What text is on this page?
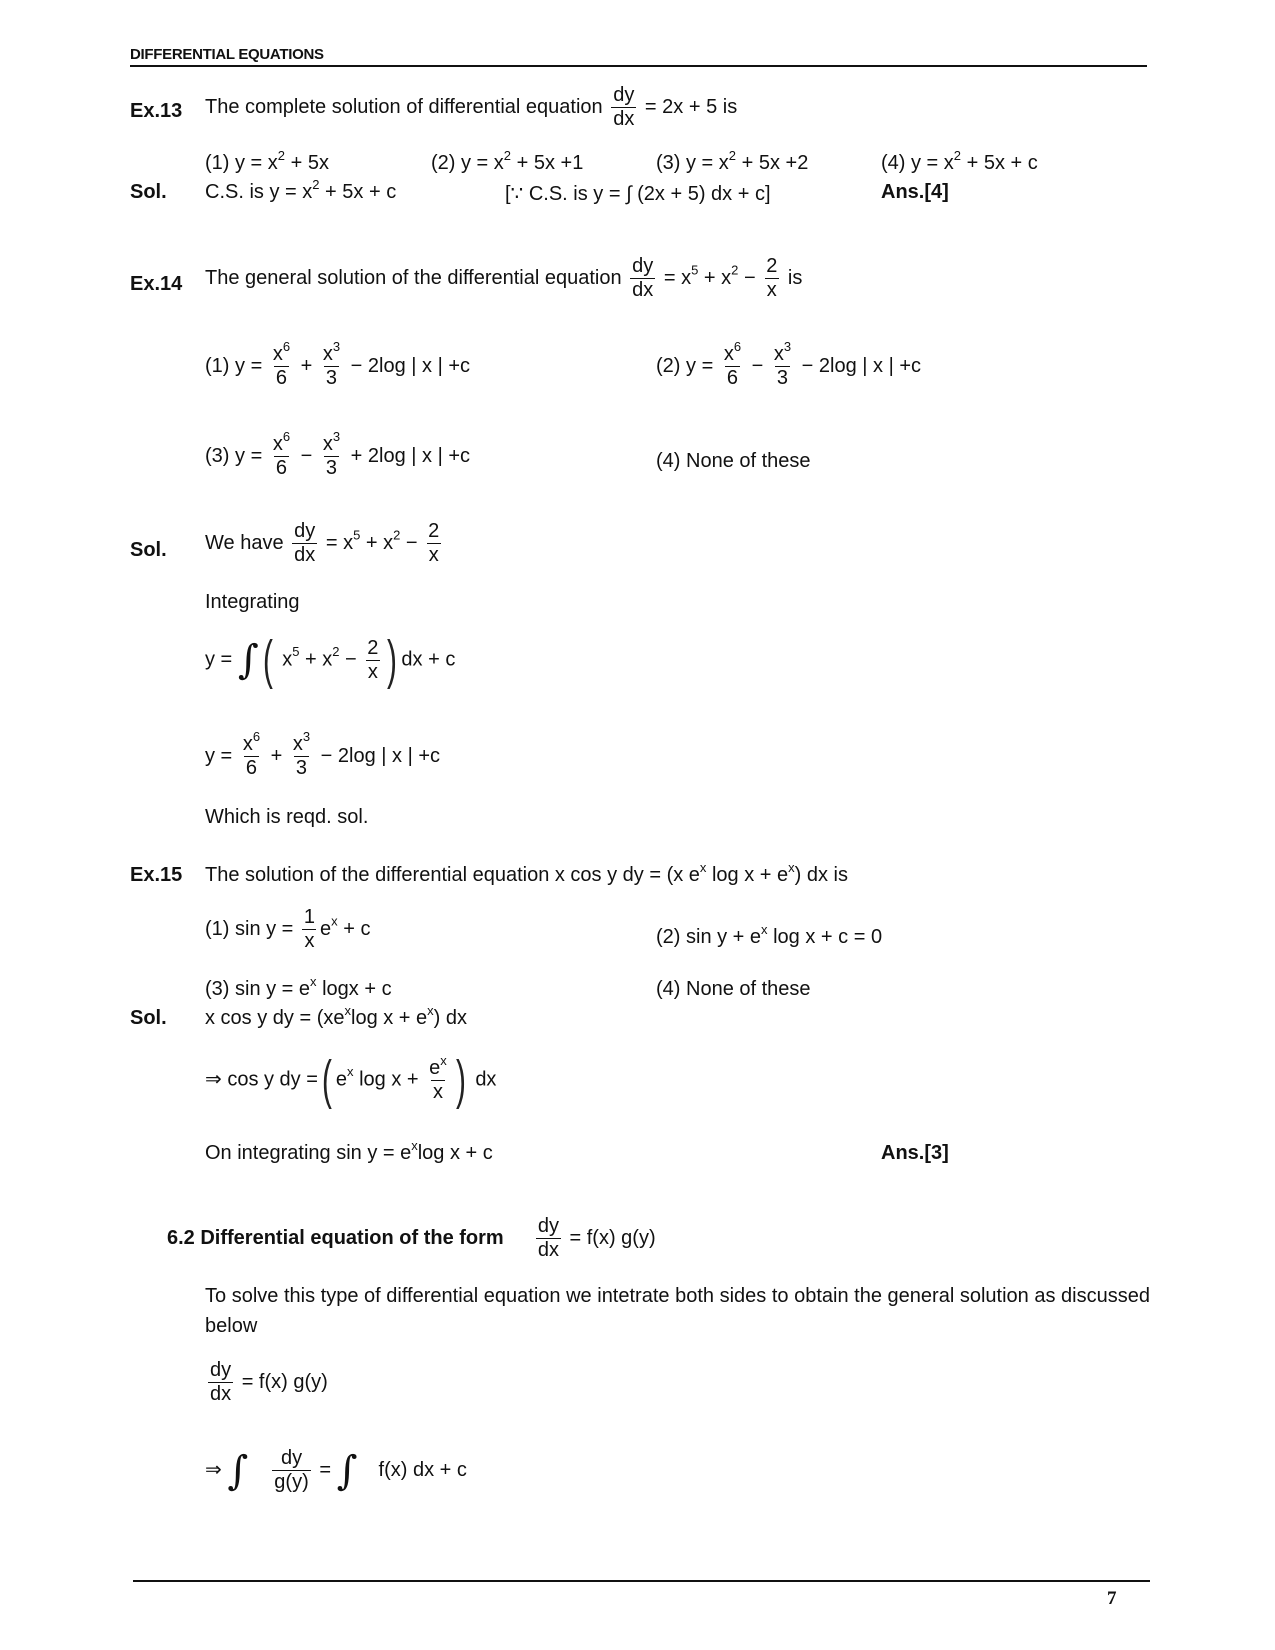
DIFFERENTIAL EQUATIONS
Ex.13 The complete solution of differential equation $\frac{dy}{dx} = 2x + 5$ is
(1) $y = x^2 + 5x$	(2) $y = x^2 + 5x +1$	(3) $y = x^2 + 5x +2$	(4) $y = x^2 + 5x + c$
Sol. C.S. is $y = x^2 + 5x + c$	[∵ C.S. is y = ∫ (2x + 5) dx + c]	Ans.[4]
Ex.14 The general solution of the differential equation $\frac{dy}{dx} = x^5 + x^2 - \frac{2}{x}$ is
(1) $y = \frac{x^6}{6} + \frac{x^3}{3} - 2\log$ | x | +c	(2) $y = \frac{x^6}{6} - \frac{x^3}{3} - 2\log$ | x | +c
(3) $y = \frac{x^6}{6} - \frac{x^3}{3} + 2\log$ | x | +c	(4) None of these
Sol. We have $\frac{dy}{dx} = x^5 + x^2 - \frac{2}{x}$
Integrating
y = ∫( $x^5 + x^2 - \frac{2}{x}$ ) dx + c
$y = \frac{x^6}{6} + \frac{x^3}{3} - 2\log$ | x | +c
Which is reqd. sol.
Ex.15 The solution of the differential equation x cos y dy = (x $e^x$ $\log x + e^x$) dx is
(1) $\sin y = \frac{1}{x} e^x + c$	(2) $\sin y + e^x$ log x + c = 0
(3) $\sin y = e^x$ logx + c	(4) None of these
Sol. x cos y dy = ($xe^x\log$ $x + e^x$) dx
⇒ cos y dy =( $e^x$ $\log x + \frac{e^x}{x}$ ) dx
On integrating $\sin y = e^x\log$ x + c	Ans.[3]
6.2 Differential equation of the form $\frac{dy}{dx} = f(x)$ g(y)
To solve this type of differential equation we intetrate both sides to obtain the general solution as discussed below
$\frac{dy}{dx} = f(x)$ g(y)
⇒ ∫ $\frac{dy}{g(y)}$ = ∫ f(x) dx + c
7
